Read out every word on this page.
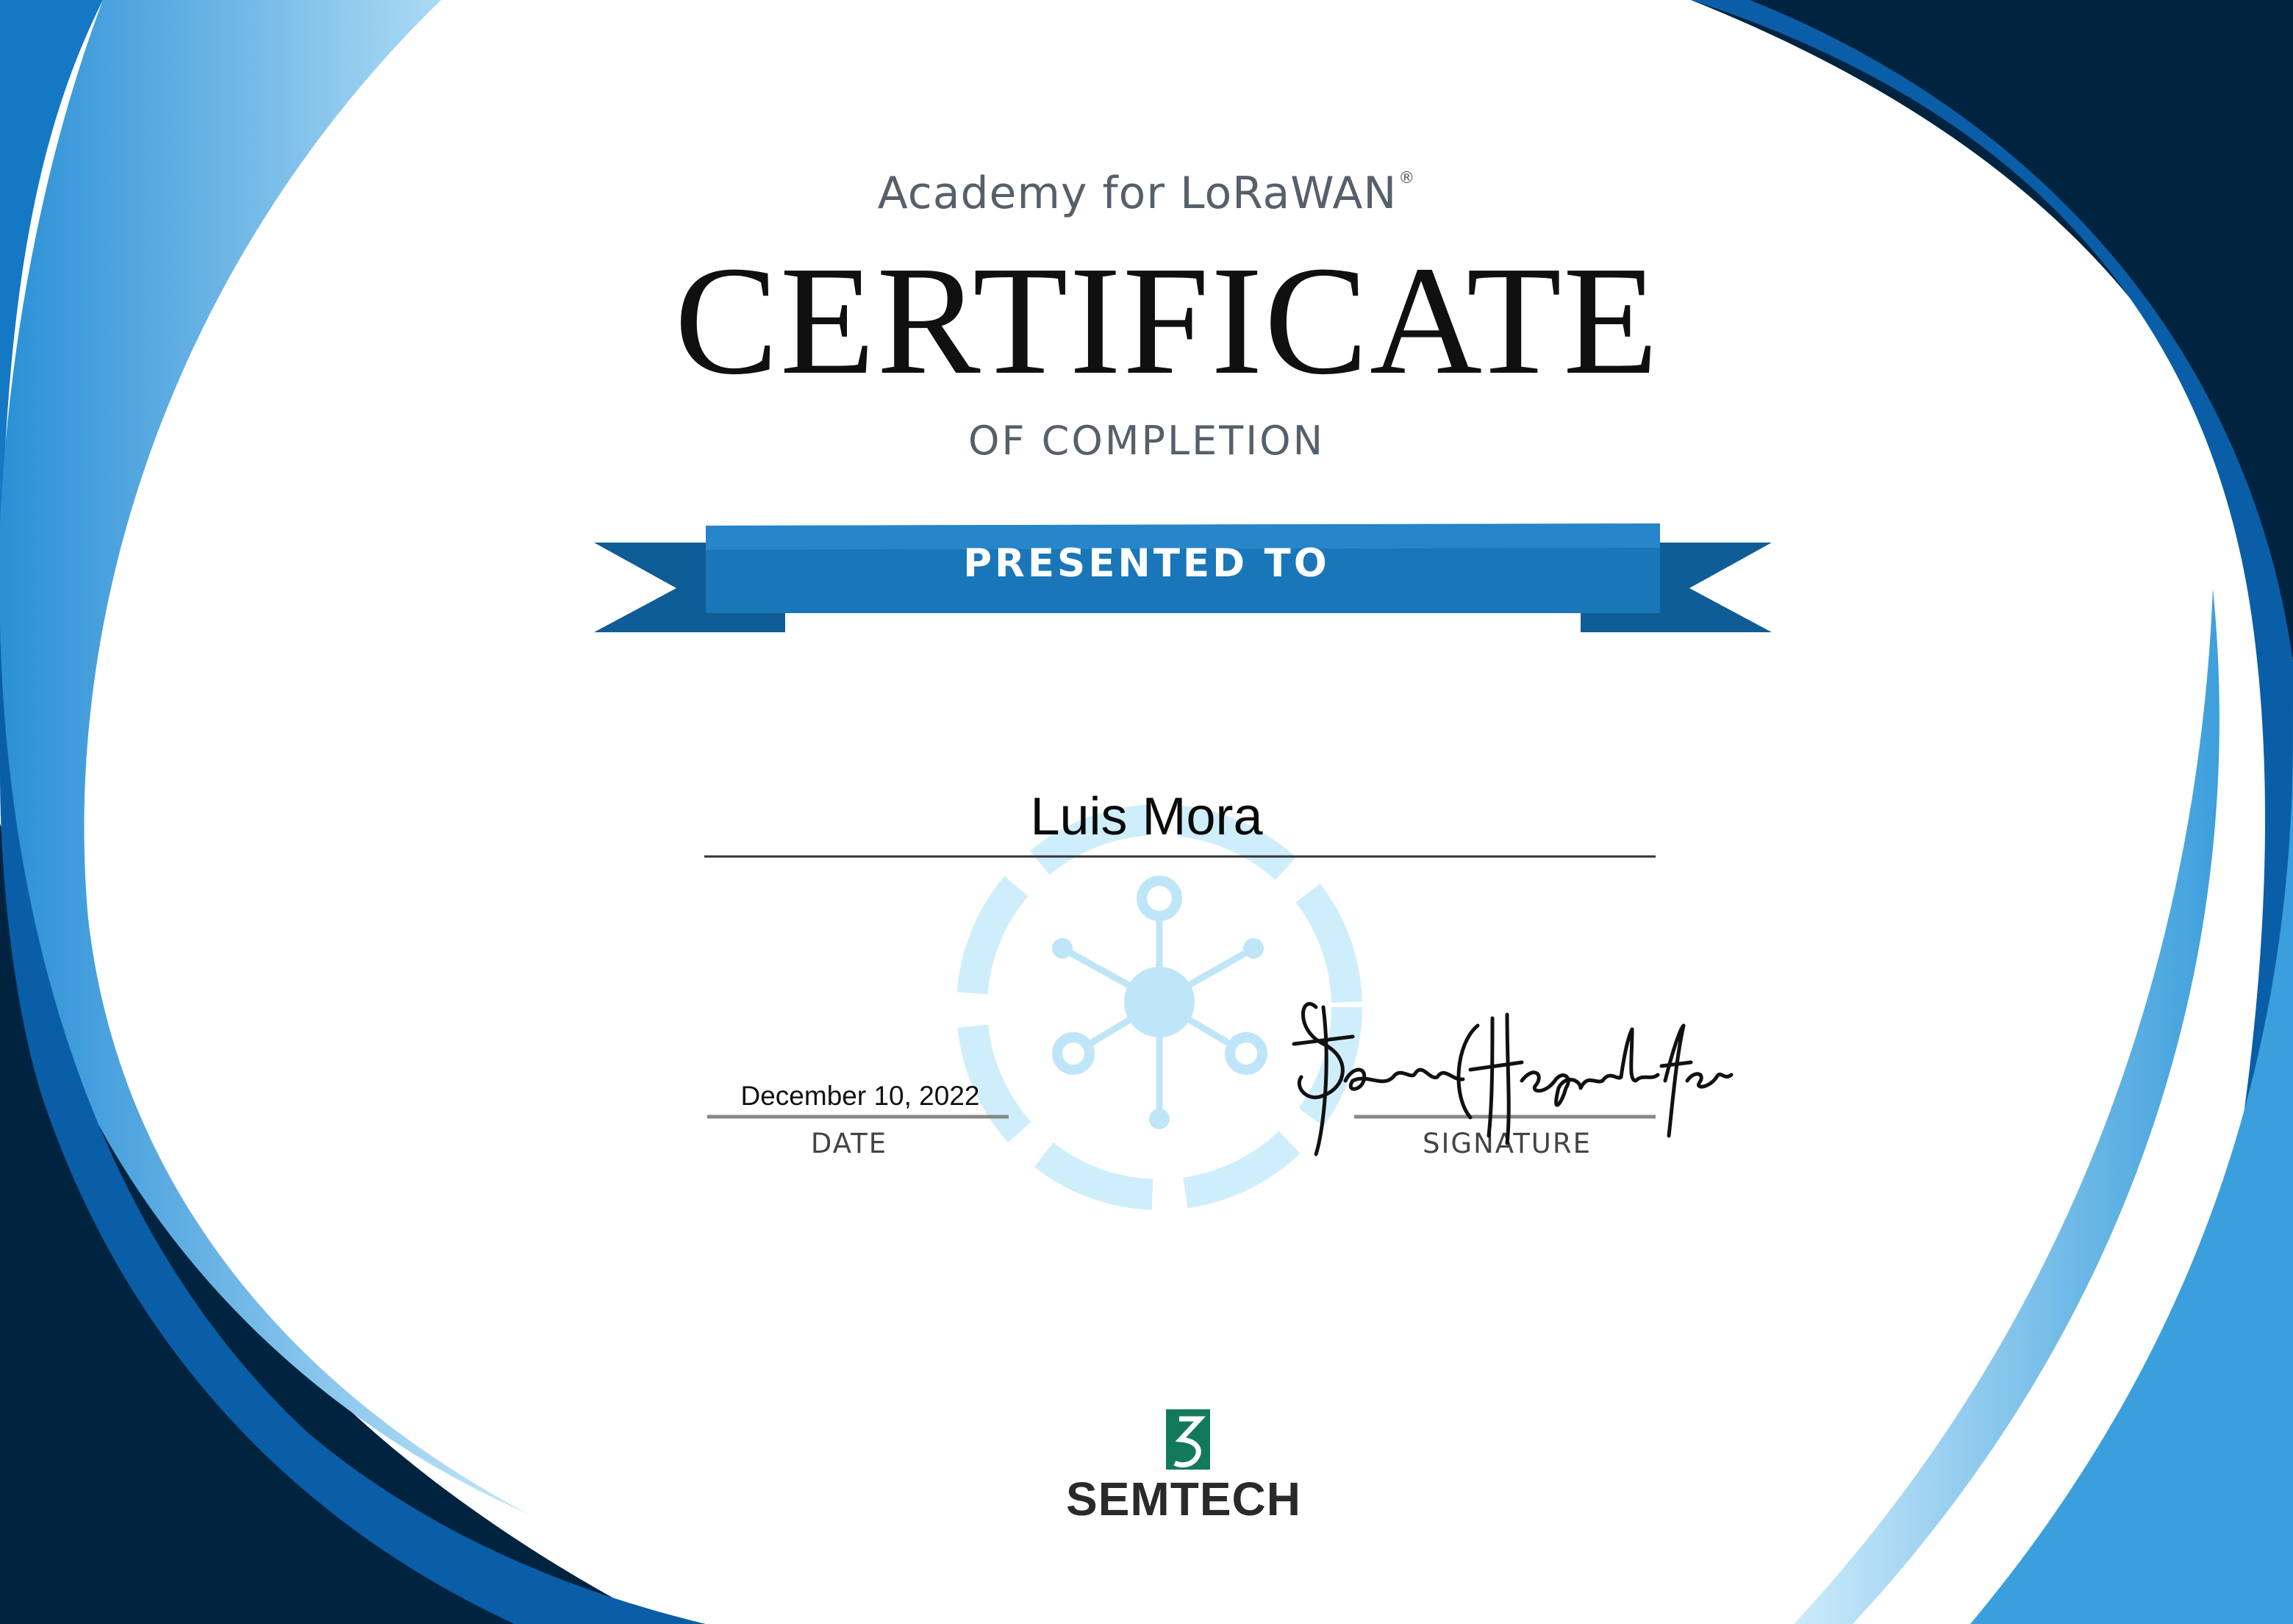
Academy for LoRaWAN®
CERTIFICATE
OF COMPLETION
PRESENTED TO
Luis Mora
December 10, 2022
DATE	SIGNATURE
SEMTECH
